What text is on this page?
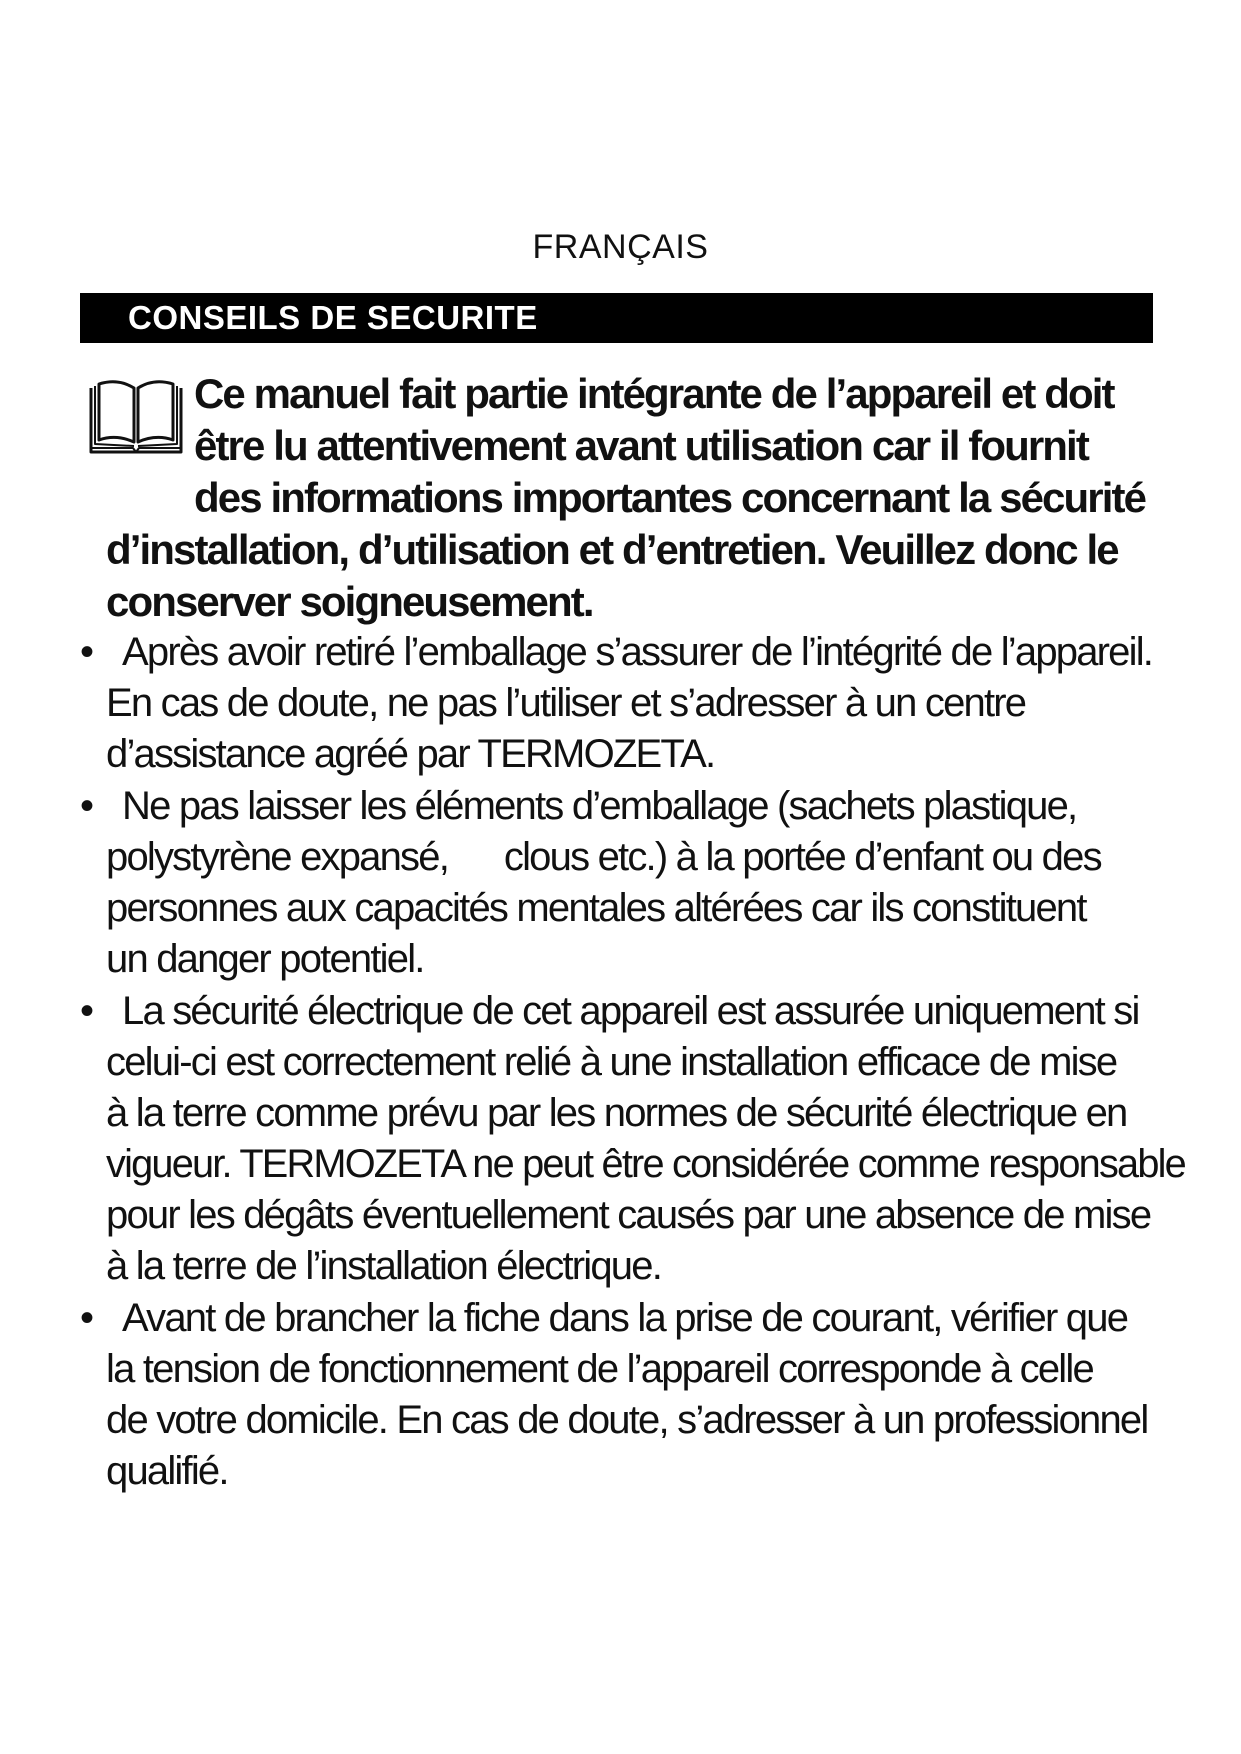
FRANÇAIS
CONSEILS DE SECURITE
Ce manuel fait partie intégrante de l’appareil et doit
être lu attentivement avant utilisation car il fournit
des informations importantes concernant la sécurité
d’installation, d’utilisation et d’entretien. Veuillez donc le
conserver soigneusement.
• Après avoir retiré l’emballage s’assurer de l’intégrité de l’appareil.
En cas de doute, ne pas l’utiliser et s’adresser à un centre
d’assistance agréé par TERMOZETA.
• Ne pas laisser les éléments d’emballage (sachets plastique,
polystyrène expansé,      clous etc.) à la portée d’enfant ou des
personnes aux capacités mentales altérées car ils constituent
un danger potentiel.
• La sécurité électrique de cet appareil est assurée uniquement si
celui-ci est correctement relié à une installation efficace de mise
à la terre comme prévu par les normes de sécurité électrique en
vigueur. TERMOZETA ne peut être considérée comme responsable
pour les dégâts éventuellement causés par une absence de mise
à la terre de l’installation électrique.
• Avant de brancher la fiche dans la prise de courant, vérifier que
la tension de fonctionnement de l’appareil corresponde à celle
de votre domicile. En cas de doute, s’adresser à un professionnel
qualifié.
